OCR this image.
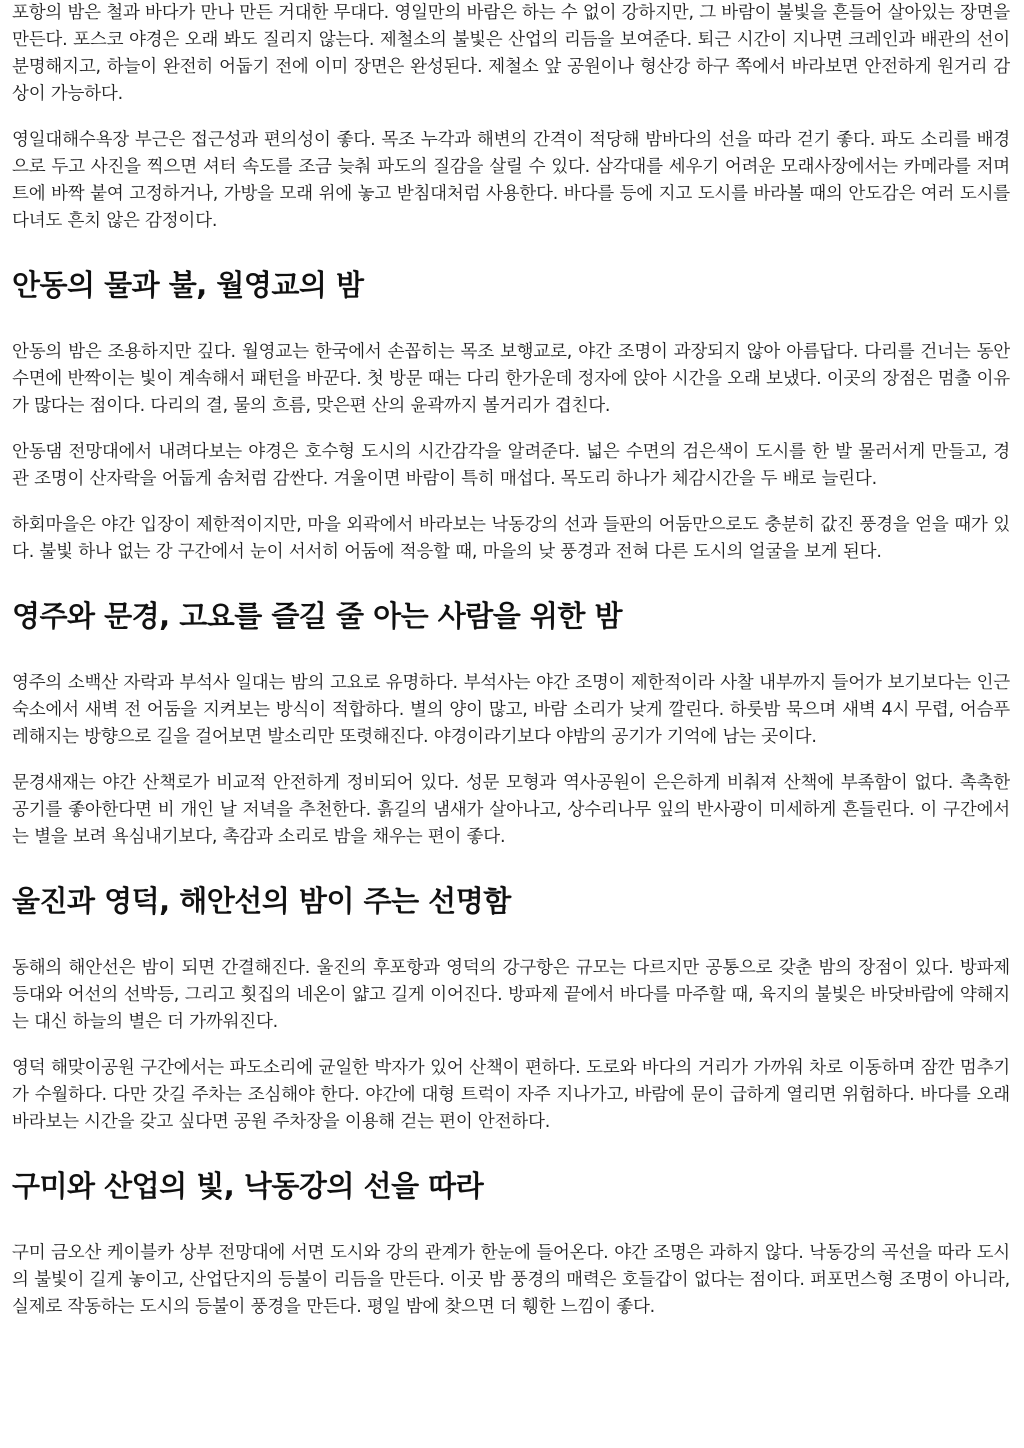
포항의 밤은 철과 바다가 만나 만든 거대한 무대다. 영일만의 바람은 하는 수 없이 강하지만, 그 바람이 불빛을 흔들어 살아있는 장면을 만든다. 포스코 야경은 오래 봐도 질리지 않는다. 제철소의 불빛은 산업의 리듬을 보여준다. 퇴근 시간이 지나면 크레인과 배관의 선이 분명해지고, 하늘이 완전히 어둡기 전에 이미 장면은 완성된다. 제철소 앞 공원이나 형산강 하구 쪽에서 바라보면 안전하게 원거리 감상이 가능하다.

영일대해수욕장 부근은 접근성과 편의성이 좋다. 목조 누각과 해변의 간격이 적당해 밤바다의 선을 따라 걷기 좋다. 파도 소리를 배경으로 두고 사진을 찍으면 셔터 속도를 조금 늦춰 파도의 질감을 살릴 수 있다. 삼각대를 세우기 어려운 모래사장에서는 카메라를 저며트에 바짝 붙여 고정하거나, 가방을 모래 위에 놓고 받침대처럼 사용한다. 바다를 등에 지고 도시를 바라볼 때의 안도감은 여러 도시를 다녀도 흔치 않은 감정이다.

안동의 물과 불, 월영교의 밤

안동의 밤은 조용하지만 깊다. 월영교는 한국에서 손꼽히는 목조 보행교로, 야간 조명이 과장되지 않아 아름답다. 다리를 건너는 동안 수면에 반짝이는 빛이 계속해서 패턴을 바꾼다. 첫 방문 때는 다리 한가운데 정자에 앉아 시간을 오래 보냈다. 이곳의 장점은 멈출 이유가 많다는 점이다. 다리의 결, 물의 흐름, 맞은편 산의 윤곽까지 볼거리가 겹친다.

안동댐 전망대에서 내려다보는 야경은 호수형 도시의 시간감각을 알려준다. 넓은 수면의 검은색이 도시를 한 발 물러서게 만들고, 경관 조명이 산자락을 어둡게 솜처럼 감싼다. 겨울이면 바람이 특히 매섭다. 목도리 하나가 체감시간을 두 배로 늘린다.

하회마을은 야간 입장이 제한적이지만, 마을 외곽에서 바라보는 낙동강의 선과 들판의 어둠만으로도 충분히 값진 풍경을 얻을 때가 있다. 불빛 하나 없는 강 구간에서 눈이 서서히 어둠에 적응할 때, 마을의 낮 풍경과 전혀 다른 도시의 얼굴을 보게 된다.

영주와 문경, 고요를 즐길 줄 아는 사람을 위한 밤

영주의 소백산 자락과 부석사 일대는 밤의 고요로 유명하다. 부석사는 야간 조명이 제한적이라 사찰 내부까지 들어가 보기보다는 인근 숙소에서 새벽 전 어둠을 지켜보는 방식이 적합하다. 별의 양이 많고, 바람 소리가 낮게 깔린다. 하룻밤 묵으며 새벽 4시 무렵, 어슴푸레해지는 방향으로 길을 걸어보면 발소리만 또렷해진다. 야경이라기보다 야밤의 공기가 기억에 남는 곳이다.

문경새재는 야간 산책로가 비교적 안전하게 정비되어 있다. 성문 모형과 역사공원이 은은하게 비춰져 산책에 부족함이 없다. 촉촉한 공기를 좋아한다면 비 개인 날 저녁을 추천한다. 흙길의 냄새가 살아나고, 상수리나무 잎의 반사광이 미세하게 흔들린다. 이 구간에서는 별을 보려 욕심내기보다, 촉감과 소리로 밤을 채우는 편이 좋다.

울진과 영덕, 해안선의 밤이 주는 선명함

동해의 해안선은 밤이 되면 간결해진다. 울진의 후포항과 영덕의 강구항은 규모는 다르지만 공통으로 갖춘 밤의 장점이 있다. 방파제 등대와 어선의 선박등, 그리고 횟집의 네온이 얇고 길게 이어진다. 방파제 끝에서 바다를 마주할 때, 육지의 불빛은 바닷바람에 약해지는 대신 하늘의 별은 더 가까워진다.

영덕 해맞이공원 구간에서는 파도소리에 균일한 박자가 있어 산책이 편하다. 도로와 바다의 거리가 가까워 차로 이동하며 잠깐 멈추기가 수월하다. 다만 갓길 주차는 조심해야 한다. 야간에 대형 트럭이 자주 지나가고, 바람에 문이 급하게 열리면 위험하다. 바다를 오래 바라보는 시간을 갖고 싶다면 공원 주차장을 이용해 걷는 편이 안전하다.

구미와 산업의 빛, 낙동강의 선을 따라

구미 금오산 케이블카 상부 전망대에 서면 도시와 강의 관계가 한눈에 들어온다. 야간 조명은 과하지 않다. 낙동강의 곡선을 따라 도시의 불빛이 길게 놓이고, 산업단지의 등불이 리듬을 만든다. 이곳 밤 풍경의 매력은 호들갑이 없다는 점이다. 퍼포먼스형 조명이 아니라, 실제로 작동하는 도시의 등불이 풍경을 만든다. 평일 밤에 찾으면 더 휑한 느낌이 좋다.
